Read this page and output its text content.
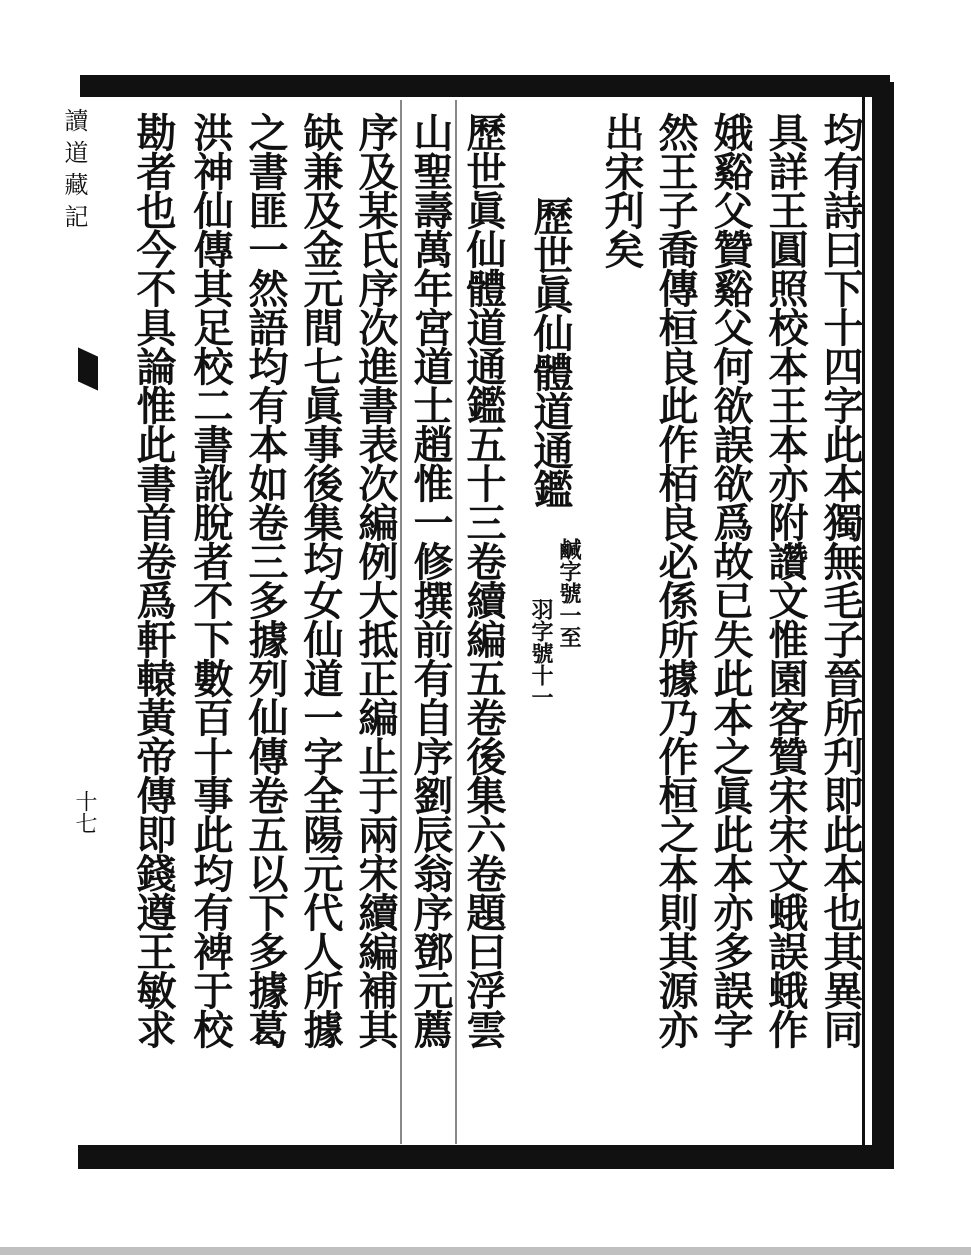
讀道藏記
十七	均有詩曰下十四字此本獨無毛子晉所刋即此本也其異同
具詳王圓照校本王本亦附讚文惟園客贊宋宋文蛾誤蛾作
娥谿父贊谿父何欲誤欲爲故已失此本之眞此本亦多誤字
然王子喬傳桓良此作栢良必係所據乃作桓之本則其源亦
出宋刋矣
歷世眞仙體道通鑑
鹹字號一至
羽字號十一
歷世眞仙體道通鑑五十三卷續編五卷後集六卷題曰浮雲
山聖壽萬年宮道士趙惟一修撰前有自序劉辰翁序鄧元薦
序及某氏序次進書表次編例大抵正編止于兩宋續編補其
缺兼及金元間七眞事後集均女仙道一字全陽元代人所據
之書匪一然語均有本如卷三多據列仙傳卷五以下多據葛
洪神仙傳其足校二書訛脫者不下數百十事此均有裨于校
勘者也今不具論惟此書首卷爲軒轅黃帝傳即錢遵王敏求
